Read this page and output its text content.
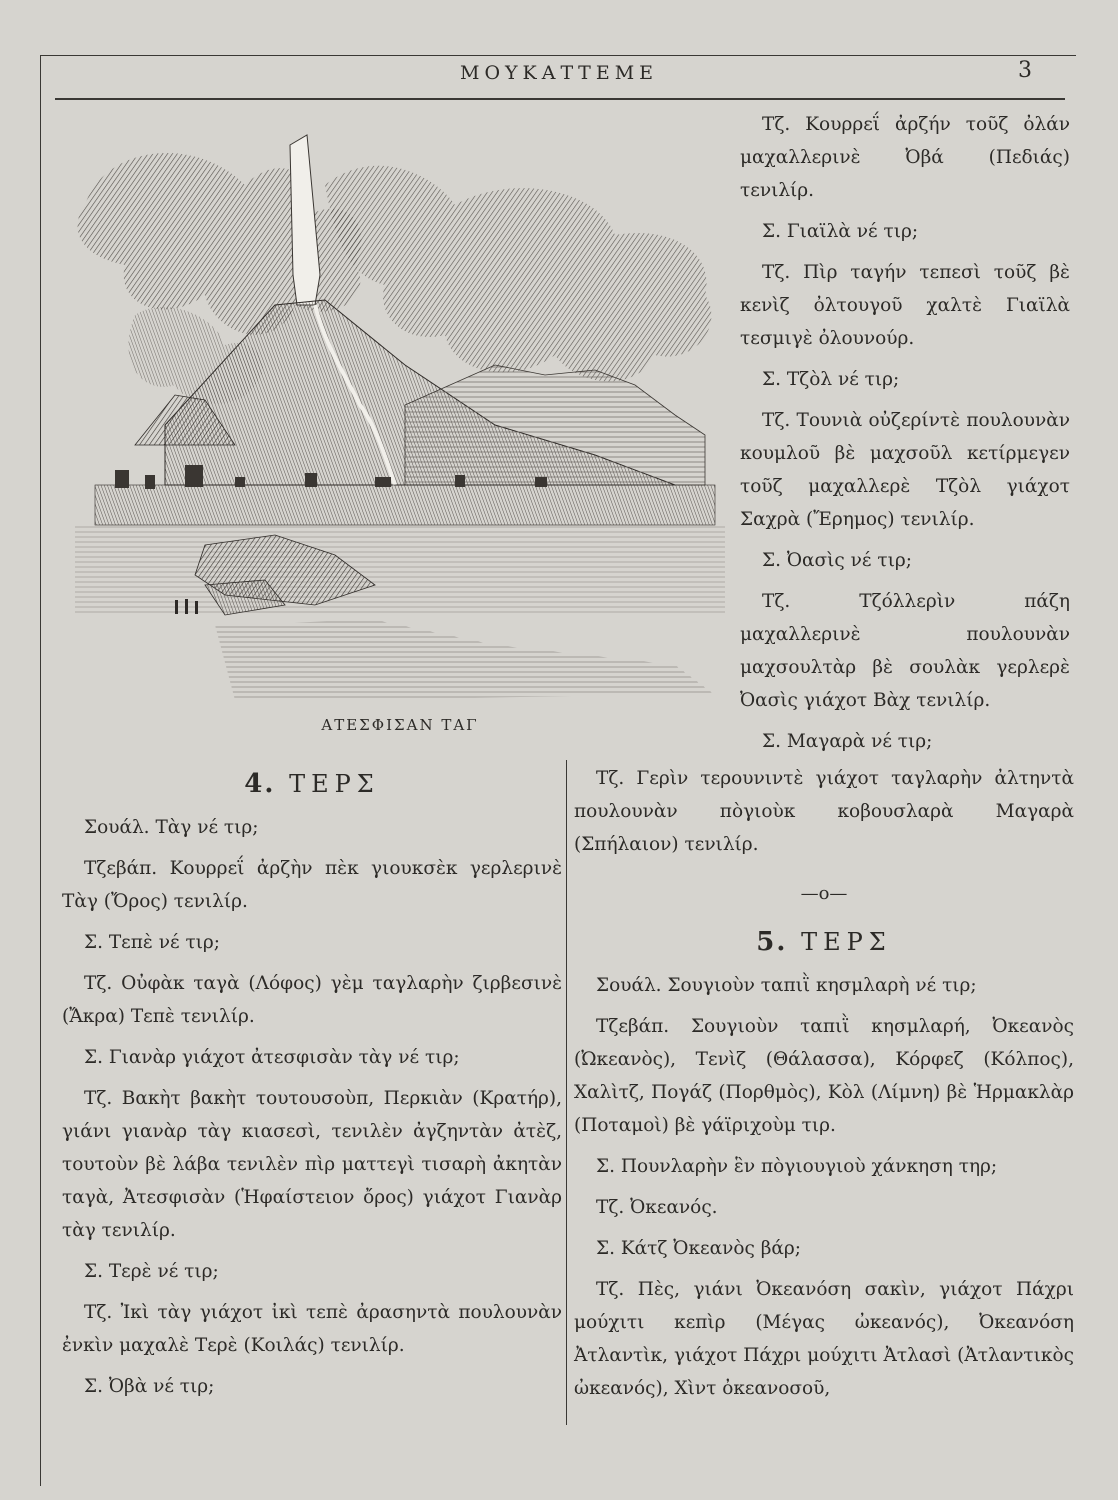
ΜΟΥΚΑΤΤΕΜΕ	3
ΑΤΕΣΦΙΣΑΝ ΤΑΓ

Τζ. Κουρρεΐ ἀρζήν τοῦζ ὀλάν μαχαλλερινὲ Ὀβά (Πεδιάς) τενιλίρ.

Σ. Γιαϊλὰ νέ τιρ;

Τζ. Πὶρ ταγήν τεπεσὶ τοῦζ βὲ κενὶζ ὀλτουγοῦ χαλτὲ Γιαϊλὰ τεσμιγὲ ὀλουνούρ.

Σ. Τζὸλ νέ τιρ;

Τζ. Τουνιὰ οὐζερίντὲ πουλουνὰν κουμλοῦ βὲ μαχσοῦλ κετίρμεγεν τοῦζ μαχαλλερὲ Τζὸλ γιάχοτ Σαχρὰ (Ἔρημος) τενιλίρ.

Σ. Ὀασὶς νέ τιρ;

Τζ. Τζόλλερὶν πάζη μαχαλλερινὲ πουλουνὰν μαχσουλτὰρ βὲ σουλὰκ γερλερὲ Ὀασὶς γιάχοτ Βὰχ τενιλίρ.

Σ. Μαγαρὰ νέ τιρ;

4. ΤΕΡΣ

Σουάλ. Τὰγ νέ τιρ;

Τζεβάπ. Κουρρεΐ ἀρζὴν πὲκ γιουκσὲκ γερλερινὲ Τὰγ (Ὄρος) τενιλίρ.

Σ. Τεπὲ νέ τιρ;

Τζ. Οὐφὰκ ταγὰ (Λόφος) γὲμ ταγλαρὴν ζιρβεσινὲ (Ἄκρα) Τεπὲ τενιλίρ.

Σ. Γιανὰρ γιάχοτ ἀτεσφισὰν τὰγ νέ τιρ;

Τζ. Βακὴτ βακὴτ τουτουσοὺπ, Περκιὰν (Κρατήρ), γιάνι γιανὰρ τὰγ κιασεσὶ, τενιλὲν ἀγζηντὰν ἀτὲζ, τουτοὺν βὲ λάβα τενιλὲν πὶρ ματτεγὶ τισαρὴ ἀκητὰν ταγὰ, Ἀτεσφισὰν (Ἡφαίστειον ὄρος) γιάχοτ Γιανὰρ τὰγ τενιλίρ.

Σ. Τερὲ νέ τιρ;

Τζ. Ἰκὶ τὰγ γιάχοτ ἰκὶ τεπὲ ἀρασηντὰ πουλουνὰν ἐνκὶν μαχαλὲ Τερὲ (Κοιλάς) τενιλίρ.

Σ. Ὀβὰ νέ τιρ;

Τζ. Γερὶν τερουνιντὲ γιάχοτ ταγλαρὴν ἀλτηντὰ πουλουνὰν πὸγιοὺκ κοβουσλαρὰ Μαγαρὰ (Σπήλαιον) τενιλίρ.

—o—
5. ΤΕΡΣ

Σουάλ. Σουγιοὺν ταπιῒ κησμλαρὴ νέ τιρ;

Τζεβάπ. Σουγιοὺν ταπιῒ κησμλαρή, Ὀκεανὸς (Ὠκεανὸς), Τενὶζ (Θάλασσα), Κόρφεζ (Κόλπος), Χαλὶτζ, Πογάζ (Πορθμὸς), Κὸλ (Λίμνη) βὲ Ἡρμακλὰρ (Ποταμοὶ) βὲ γάϊριχοὺμ τιρ.

Σ. Πουνλαρὴν ἓν πὸγιουγιοὺ χάνκηση τηρ;

Τζ. Ὀκεανός.

Σ. Κάτζ Ὀκεανὸς βάρ;

Τζ. Πὲς, γιάνι Ὀκεανόση σακὶν, γιάχοτ Πάχρι μούχιτι κεπὶρ (Μέγας ὠκεανός), Ὀκεανόση Ἀτλαντὶκ, γιάχοτ Πάχρι μούχιτι Ἀτλασὶ (Ἀτλαντικὸς ὠκεανός), Χὶντ ὀκεανοσοῦ,
